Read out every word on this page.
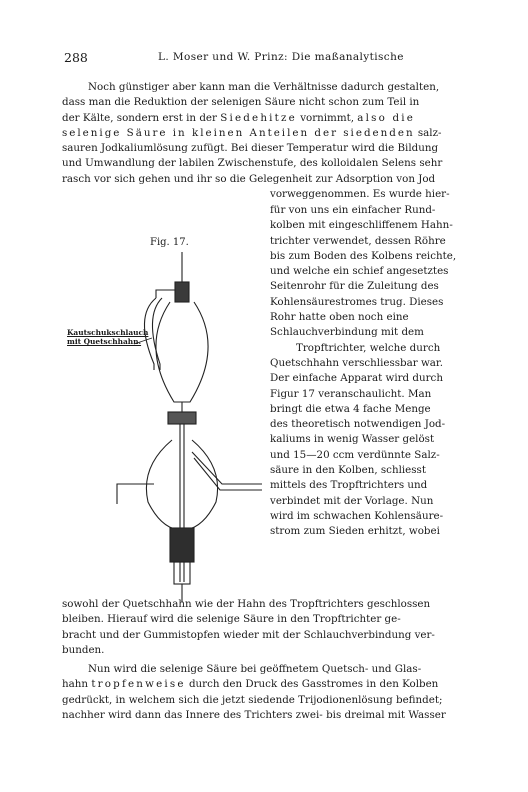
288	L. Moser und W. Prinz: Die maßanalytische
Noch günstiger aber kann man die Verhältnisse dadurch gestalten,
dass man die Reduktion der selenigen Säure nicht schon zum Teil in
der Kälte, sondern erst in der Siedehitze vornimmt, also die
selenige Säure in kleinen Anteilen der siedenden salz-
sauren Jodkaliumlösung zufügt. Bei dieser Temperatur wird die Bildung
und Umwandlung der labilen Zwischenstufe, des kolloidalen Selens sehr
rasch vor sich gehen und ihr so die Gelegenheit zur Adsorption von Jod
vorweggenommen. Es wurde hier-
Fig. 17.
für von uns ein einfacher Rund-
kolben mit eingeschliffenem Hahn-
trichter verwendet, dessen Röhre
bis zum Boden des Kolbens reichte,
und welche ein schief angesetztes
Seitenrohr für die Zuleitung des
Kohlensäurestromes trug. Dieses
Rohr hatte oben noch eine
Schlauchverbindung mit dem
Tropftrichter, welche durch
Quetschhahn verschliessbar war.
Der einfache Apparat wird durch
Figur 17 veranschaulicht. Man
bringt die etwa 4 fache Menge
des theoretisch notwendigen Jod-
kaliums in wenig Wasser gelöst
und 15—20 ccm verdünnte Salz-
säure in den Kolben, schliesst
mittels des Tropftrichters und
verbindet mit der Vorlage. Nun
wird im schwachen Kohlensäure-
strom zum Sieden erhitzt, wobei
Kautschukschlauch
mit Quetschhahn.
sowohl der Quetschhahn wie der Hahn des Tropftrichters geschlossen
bleiben. Hierauf wird die selenige Säure in den Tropftrichter ge-
bracht und der Gummistopfen wieder mit der Schlauchverbindung ver-
bunden.
Nun wird die selenige Säure bei geöffnetem Quetsch- und Glas-
hahn tropfenweise durch den Druck des Gasstromes in den Kolben
gedrückt, in welchem sich die jetzt siedende Trijodionenlösung befindet;
nachher wird dann das Innere des Trichters zwei- bis dreimal mit Wasser
